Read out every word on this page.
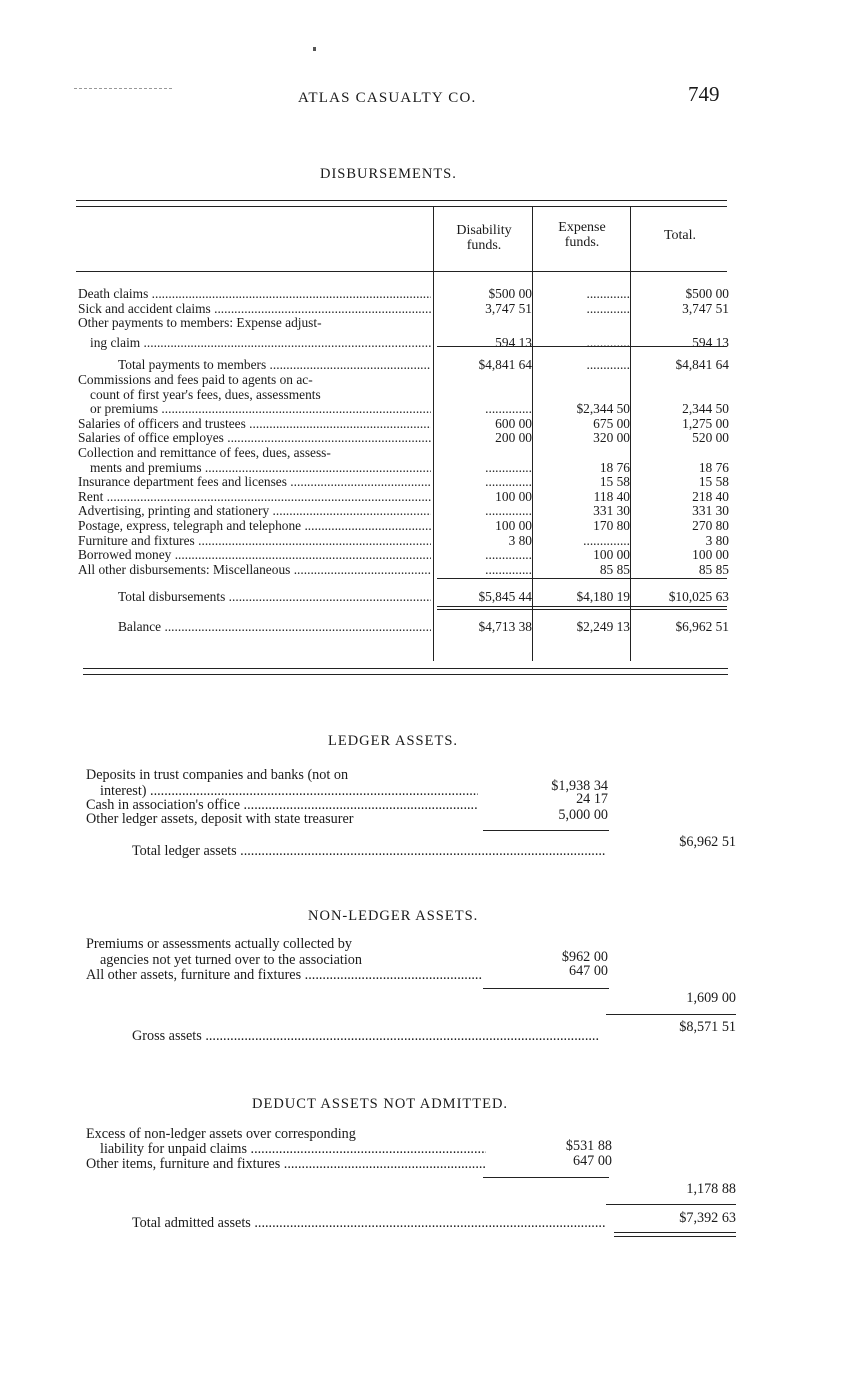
ATLAS CASUALTY CO.	749
DISBURSEMENTS.
Disability
funds.
Expense
funds.	Total.
Death claims .....	$500 00	.............	$500 00
Sick and accident claims .....	3,747 51	.............	3,747 51
Other payments to members: Expense adjust-
ing claim .....	594 13	.............	594 13
Total payments to members .....	$4,841 64	.............	$4,841 64
Commissions and fees paid to agents on ac-
count of first year's fees, dues, assessments
or premiums .....	..............	$2,344 50	2,344 50
Salaries of officers and trustees .....	600 00	675 00	1,275 00
Salaries of office employes .....	200 00	320 00	520 00
Collection and remittance of fees, dues, assess-
ments and premiums .....	..............	18 76	18 76
Insurance department fees and licenses .....	..............	15 58	15 58
Rent .....	100 00	118 40	218 40
Advertising, printing and stationery .....	..............	331 30	331 30
Postage, express, telegraph and telephone .....	100 00	170 80	270 80
Furniture and fixtures .....	3 80	..............	3 80
Borrowed money .....	..............	100 00	100 00
All other disbursements: Miscellaneous .....	..............	85 85	85 85
Total disbursements .....	$5,845 44	$4,180 19	$10,025 63
Balance .....	$4,713 38	$2,249 13	$6,962 51
LEDGER ASSETS.
Deposits in trust companies and banks (not on
interest) .....	$1,938 34
Cash in association's office .....	24 17
Other ledger assets, deposit with state treasurer	5,000 00
Total ledger assets .....
$6,962 51
NON-LEDGER ASSETS.
Premiums or assessments actually collected by
agencies not yet turned over to the association	$962 00
All other assets, furniture and fixtures .....	647 00
1,609 00
Gross assets .....
$8,571 51
DEDUCT ASSETS NOT ADMITTED.
Excess of non-ledger assets over corresponding
liability for unpaid claims .....	$531 88
Other items, furniture and fixtures .....	647 00
1,178 88
Total admitted assets .....	$7,392 63
